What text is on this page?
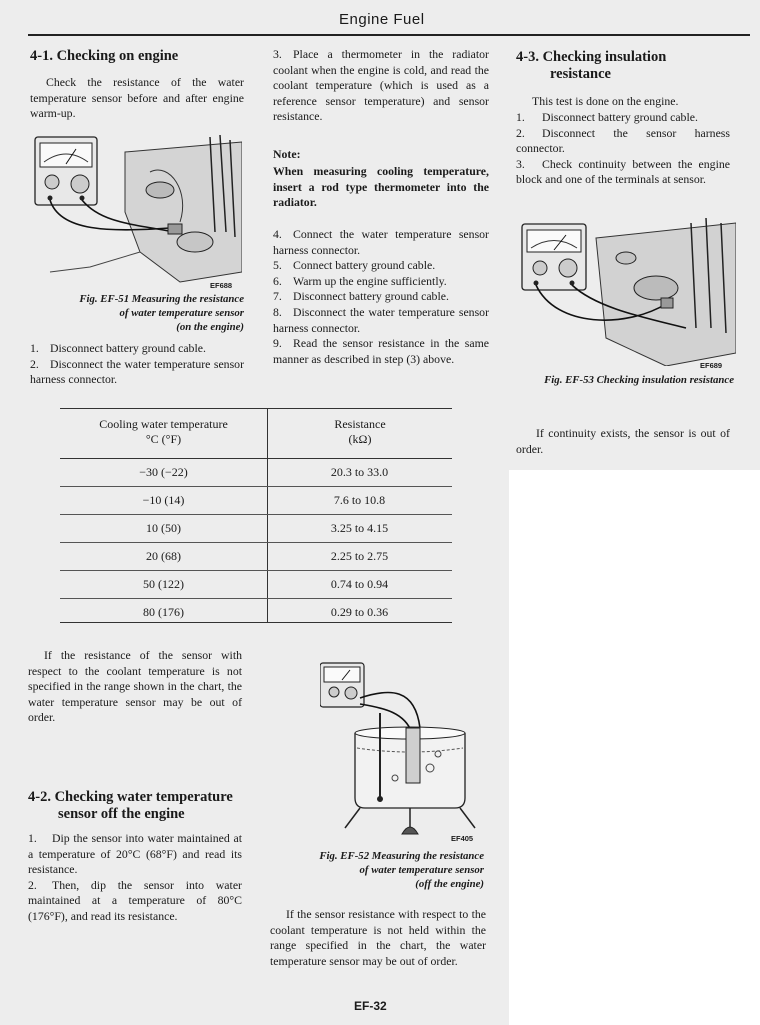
Engine Fuel
4-1. Checking on engine

Check the resistance of the water temperature sensor before and after engine warm-up.

EF688
Fig. EF-51 Measuring the resistance
of water temperature sensor
(on the engine)
1. Disconnect battery ground cable.
2. Disconnect the water temperature sensor harness connector.

3. Place a thermometer in the radiator coolant when the engine is cold, and read the coolant temperature (which is used as a reference sensor temperature) and sensor resistance.

Note:

When measuring cooling temperature, insert a rod type thermometer into the radiator.

4. Connect the water temperature sensor harness connector.
5. Connect battery ground cable.
6. Warm up the engine sufficiently.
7. Disconnect battery ground cable.
8. Disconnect the water temperature sensor harness connector.
9. Read the sensor resistance in the same manner as described in step (3) above.
4-3. Checking insulation
resistance

This test is done on the engine.

1. Disconnect battery ground cable.
2. Disconnect the sensor harness connector.
3. Check continuity between the engine block and one of the terminals at sensor.
EF689
Fig. EF-53 Checking insulation resistance

If continuity exists, the sensor is out of order.

Cooling water temperature
°C (°F)
Resistance
(kΩ)
−30 (−22)	20.3 to 33.0
−10 (14)	7.6 to 10.8
10 (50)	3.25 to 4.15
20 (68)	2.25 to 2.75
50 (122)	0.74 to 0.94
80 (176)	0.29 to 0.36

If the resistance of the sensor with respect to the coolant temperature is not specified in the range shown in the chart, the water temperature sensor may be out of order.

4-2. Checking water temperature
sensor off the engine
1. Dip the sensor into water maintained at a temperature of 20°C (68°F) and read its resistance.
2. Then, dip the sensor into water maintained at a temperature of 80°C (176°F), and read its resistance.
EF405
Fig. EF-52 Measuring the resistance
of water temperature sensor
(off the engine)

If the sensor resistance with respect to the coolant temperature is not held within the range specified in the chart, the water temperature sensor may be out of order.

EF-32
